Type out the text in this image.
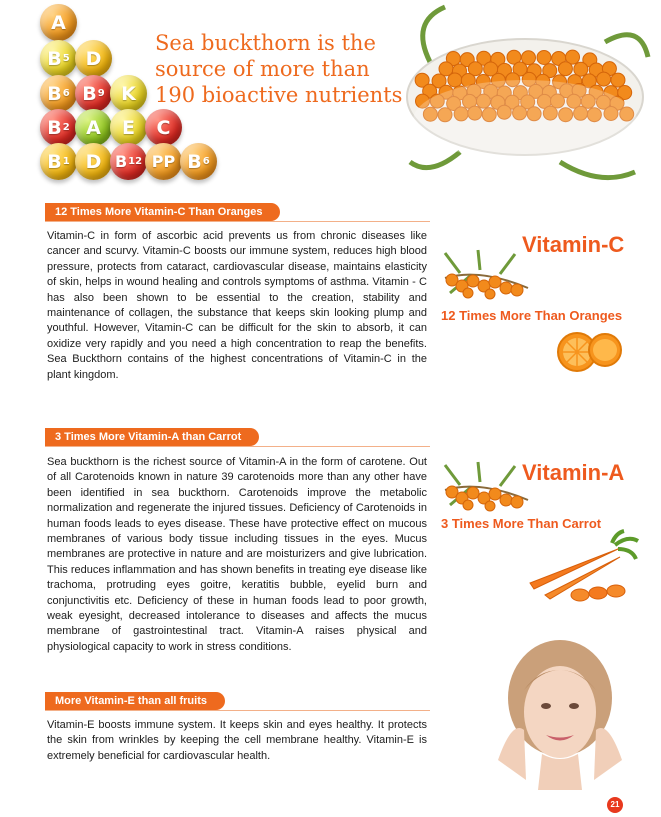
A
B 5 D
B 6 B 9 K
B 2 A E C
B 1 D B 12 PP B 6
Sea buckthorn is the
source of more than
190 bioactive nutrients
12 Times More Vitamin-C Than Oranges
Vitamin-C in form of ascorbic acid prevents us from chronic diseases like cancer and scurvy. Vitamin-C boosts our immune system, reduces high blood pressure, protects from cataract, cardiovascular disease, maintains elasticity of skin, helps in wound healing and controls symptoms of asthma. Vitamin - C has also been shown to be essential to the creation, stability and maintenance of collagen, the substance that keeps skin looking plump and youthful. However, Vitamin-C can be difficult for the skin to absorb, it can oxidize very rapidly and you need a high concentration to reap the benefits. Sea Buckthorn contains of the highest concentrations of Vitamin-C in the plant kingdom.
Vitamin-C
12 Times More Than Oranges
3 Times More Vitamin-A than Carrot
Sea buckthorn is the richest source of Vitamin-A in the form of carotene. Out of all Carotenoids known in nature 39 carotenoids more than any other have been identified in sea buckthorn. Carotenoids improve the metabolic normalization and regenerate the injured tissues. Deficiency of Carotenoids in human foods leads to eyes disease. These have protective effect on mucous membranes of various body tissue including tissues in the eyes. Mucus membranes are protective in nature and are moisturizers and give lubrication. This reduces inflammation and has shown benefits in treating eye disease like trachoma, protruding eyes goitre, keratitis bubble, eyelid burn and conjunctivitis etc. Deficiency of these in human foods lead to poor growth, weak eyesight, decreased intolerance to diseases and affects the mucus membrane of gastrointestinal tract. Vitamin-A raises physical and physiological capacity to work in stress conditions.
Vitamin-A
3 Times More Than Carrot
More Vitamin-E than all fruits
Vitamin-E boosts immune system. It keeps skin and eyes healthy. It protects the skin from wrinkles by keeping the cell membrane healthy. Vitamin-E is extremely beneficial for cardiovascular health.
21
